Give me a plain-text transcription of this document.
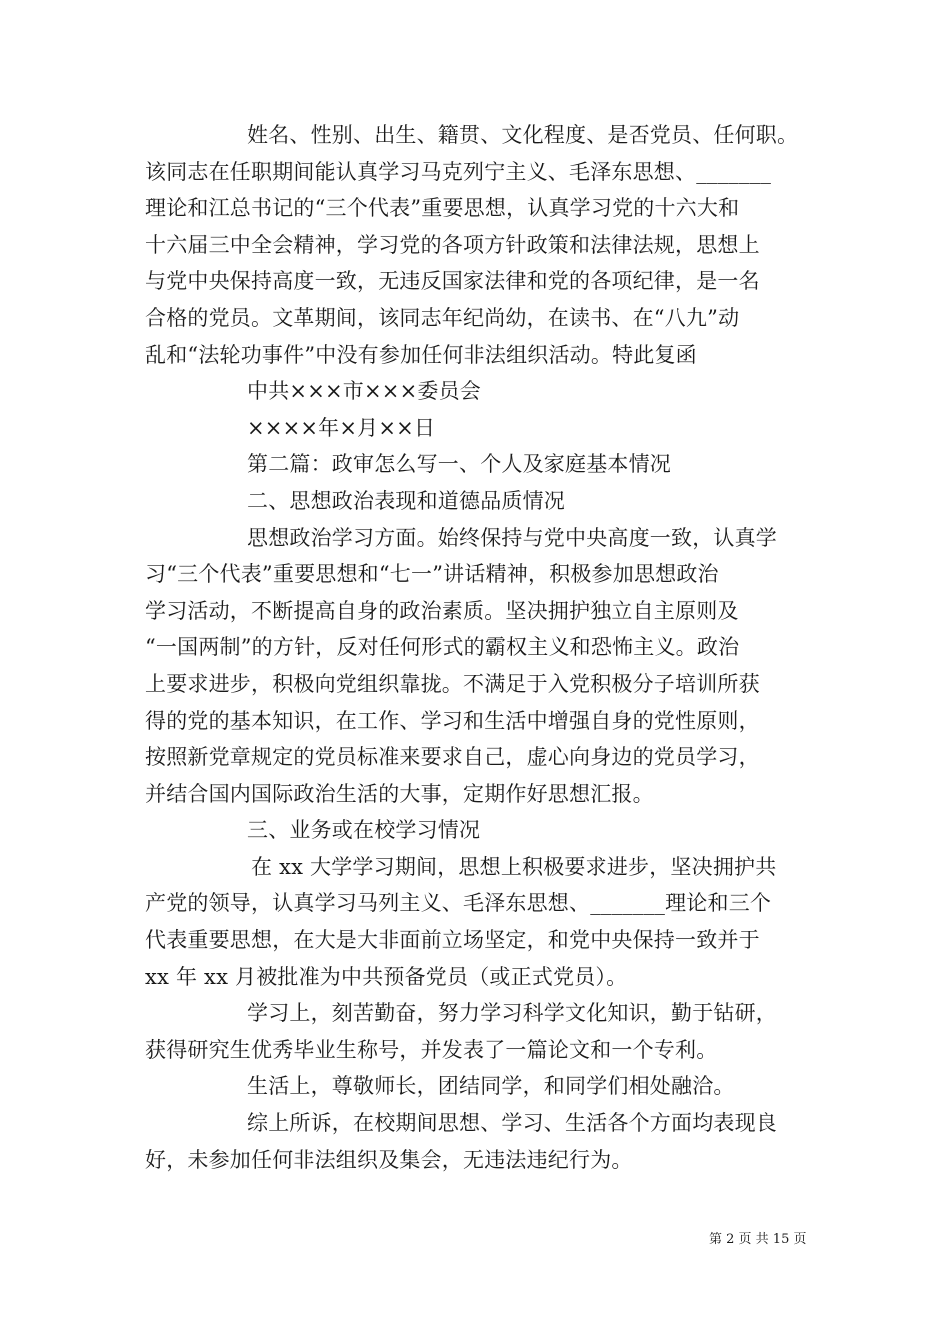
姓名、性别、出生、籍贯、文化程度、是否党员、任何职。
该同志在任职期间能认真学习马克列宁主义、毛泽东思想、_______
理论和江总书记的“三个代表”重要思想，认真学习党的十六大和
十六届三中全会精神，学习党的各项方针政策和法律法规，思想上
与党中央保持高度一致，无违反国家法律和党的各项纪律，是一名
合格的党员。文革期间，该同志年纪尚幼，在读书、在“八九”动
乱和“法轮功事件”中没有参加任何非法组织活动。特此复函
中共×××市×××委员会
××××年×月××日
第二篇：政审怎么写一、个人及家庭基本情况
二、思想政治表现和道德品质情况
思想政治学习方面。始终保持与党中央高度一致，认真学
习“三个代表”重要思想和“七一”讲话精神，积极参加思想政治
学习活动，不断提高自身的政治素质。坚决拥护独立自主原则及
“一国两制”的方针，反对任何形式的霸权主义和恐怖主义。政治
上要求进步，积极向党组织靠拢。不满足于入党积极分子培训所获
得的党的基本知识，在工作、学习和生活中增强自身的党性原则，
按照新党章规定的党员标准来要求自己，虚心向身边的党员学习，
并结合国内国际政治生活的大事，定期作好思想汇报。
三、业务或在校学习情况
在 xx 大学学习期间，思想上积极要求进步，坚决拥护共
产党的领导，认真学习马列主义、毛泽东思想、_______理论和三个
代表重要思想，在大是大非面前立场坚定，和党中央保持一致并于
xx 年 xx 月被批准为中共预备党员（或正式党员）。
学习上，刻苦勤奋，努力学习科学文化知识，勤于钻研，
获得研究生优秀毕业生称号，并发表了一篇论文和一个专利。
生活上，尊敬师长，团结同学，和同学们相处融洽。
综上所诉，在校期间思想、学习、生活各个方面均表现良
好，未参加任何非法组织及集会，无违法违纪行为。
第 2 页 共 15 页
